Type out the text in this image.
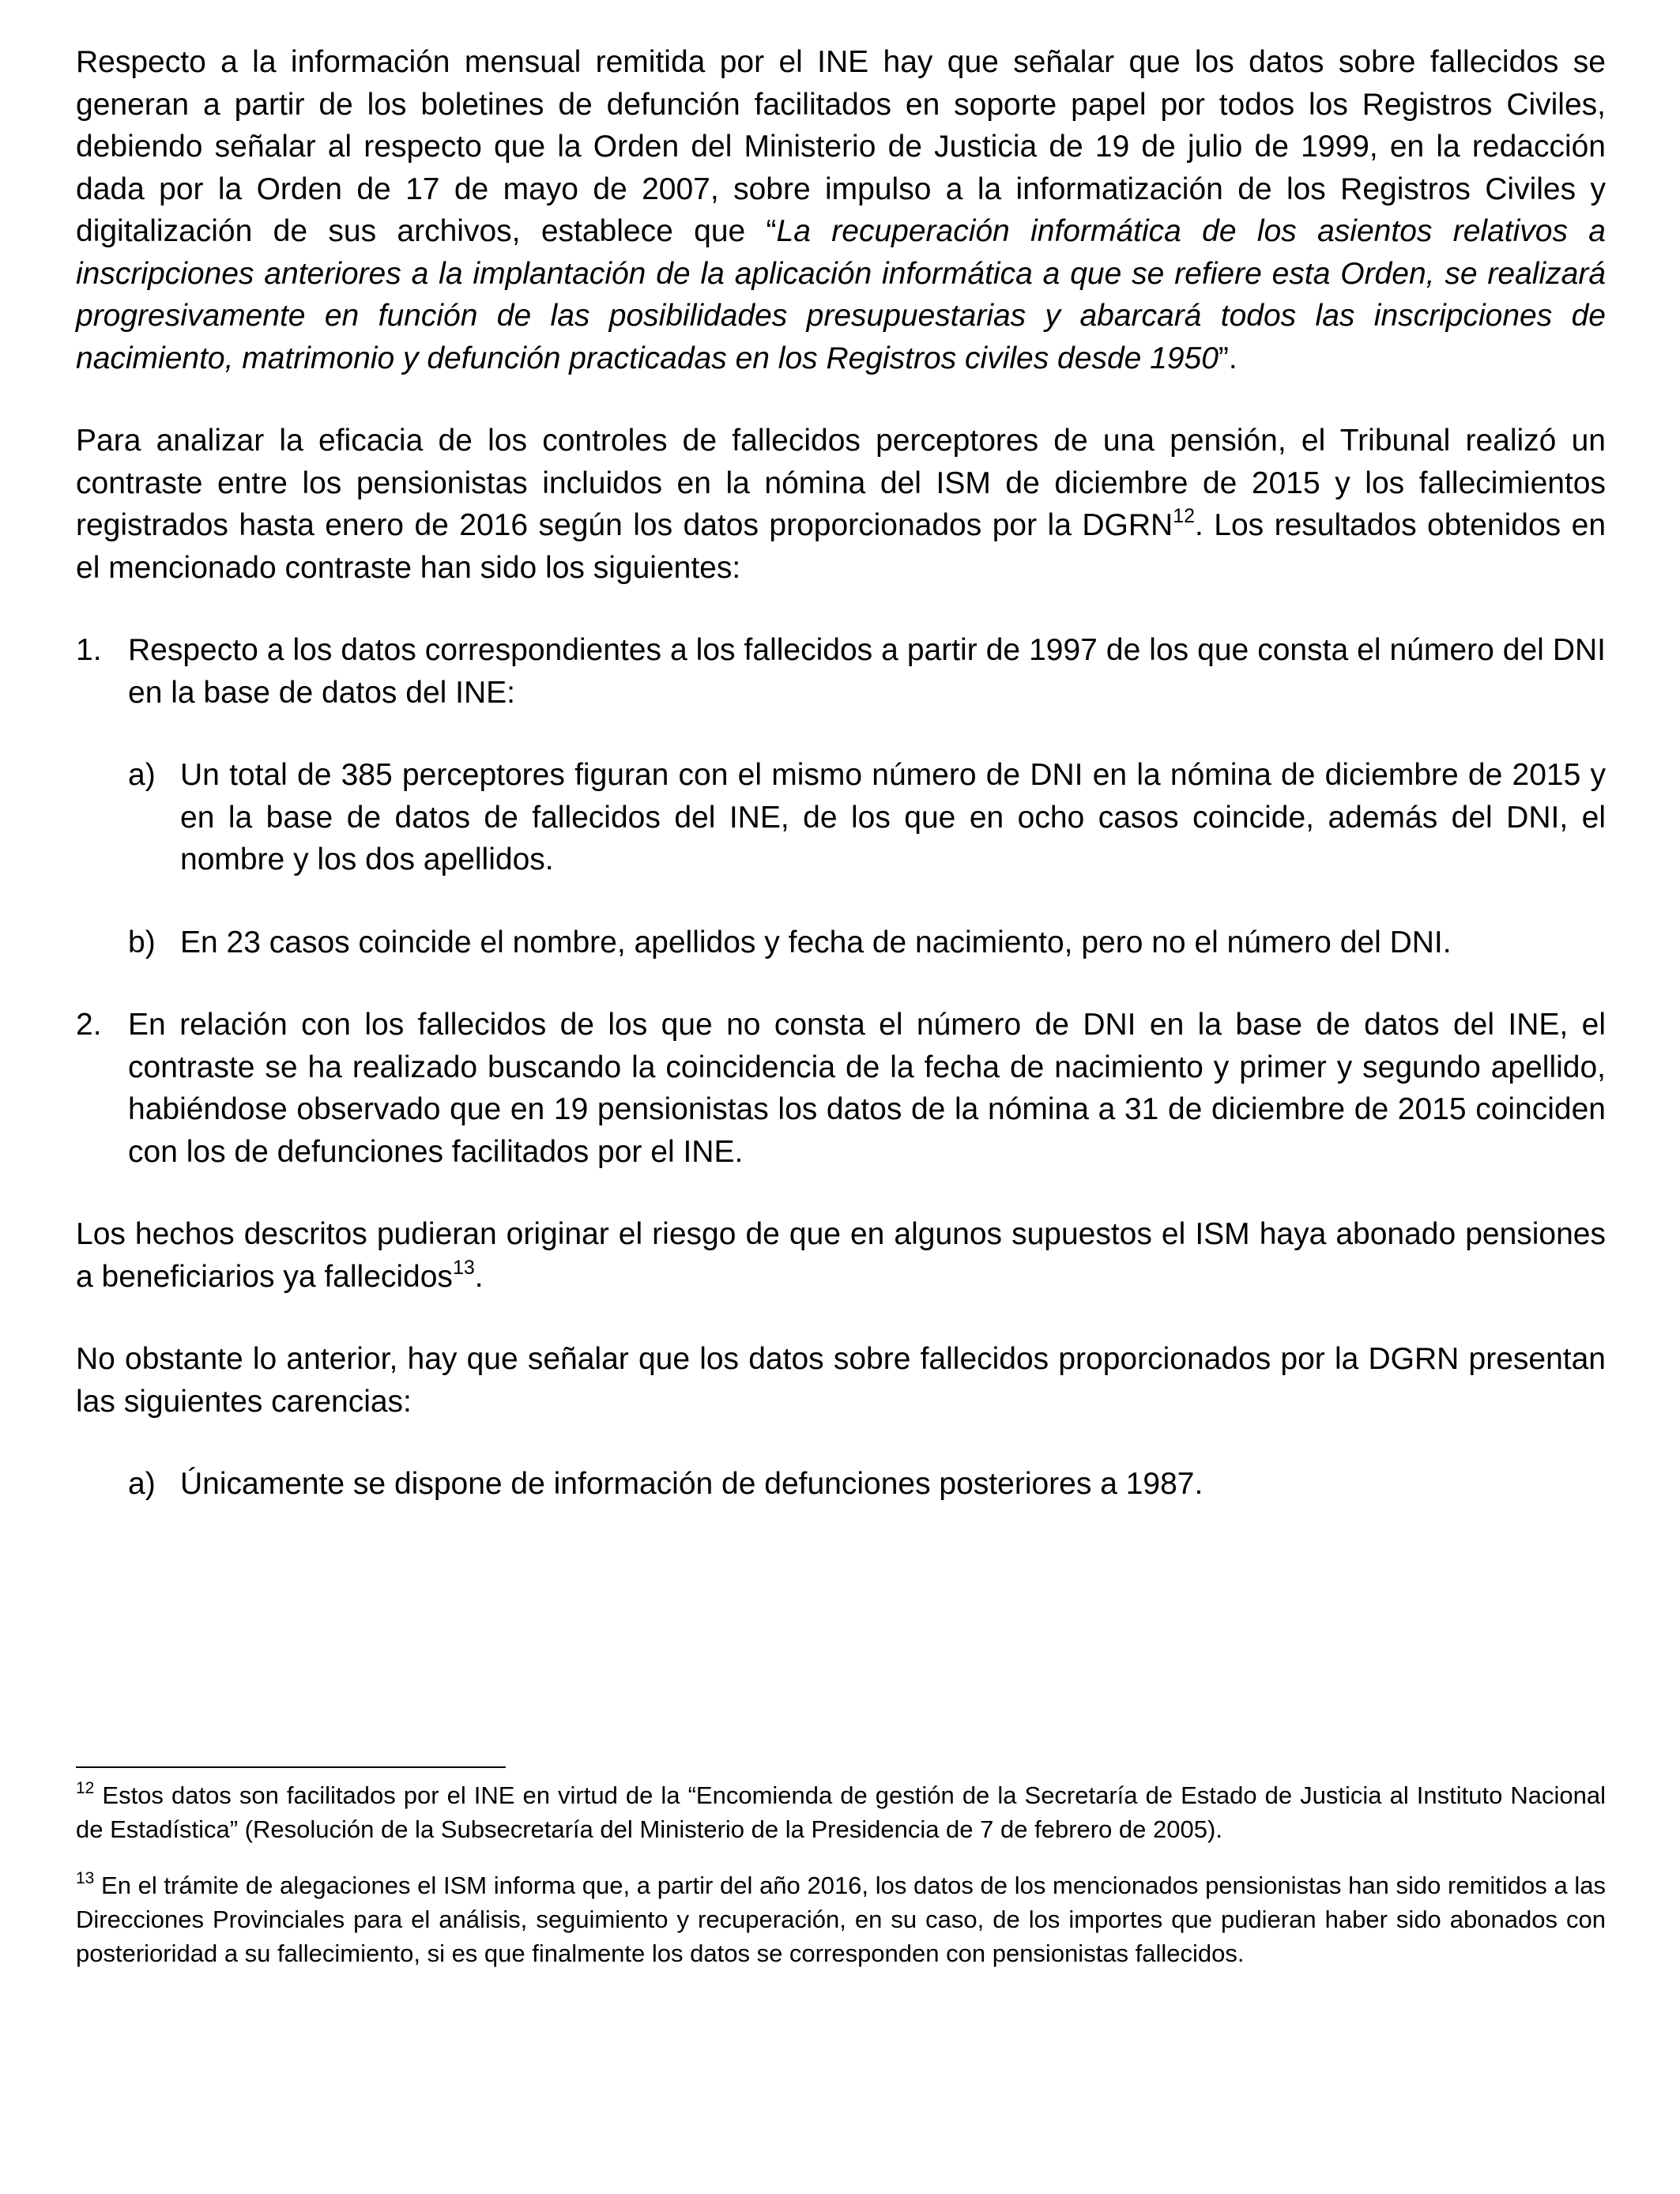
Respecto a la información mensual remitida por el INE hay que señalar que los datos sobre fallecidos se generan a partir de los boletines de defunción facilitados en soporte papel por todos los Registros Civiles, debiendo señalar al respecto que la Orden del Ministerio de Justicia de 19 de julio de 1999, en la redacción dada por la Orden de 17 de mayo de 2007, sobre impulso a la informatización de los Registros Civiles y digitalización de sus archivos, establece que “La recuperación informática de los asientos relativos a inscripciones anteriores a la implantación de la aplicación informática a que se refiere esta Orden, se realizará progresivamente en función de las posibilidades presupuestarias y abarcará todos las inscripciones de nacimiento, matrimonio y defunción practicadas en los Registros civiles desde 1950”.

Para analizar la eficacia de los controles de fallecidos perceptores de una pensión, el Tribunal realizó un contraste entre los pensionistas incluidos en la nómina del ISM de diciembre de 2015 y los fallecimientos registrados hasta enero de 2016 según los datos proporcionados por la DGRN$^{12}$. Los resultados obtenidos en el mencionado contraste han sido los siguientes:

1. Respecto a los datos correspondientes a los fallecidos a partir de 1997 de los que consta el número del DNI en la base de datos del INE:
a) Un total de 385 perceptores figuran con el mismo número de DNI en la nómina de diciembre de 2015 y en la base de datos de fallecidos del INE, de los que en ocho casos coincide, además del DNI, el nombre y los dos apellidos.
b) En 23 casos coincide el nombre, apellidos y fecha de nacimiento, pero no el número del DNI.
2. En relación con los fallecidos de los que no consta el número de DNI en la base de datos del INE, el contraste se ha realizado buscando la coincidencia de la fecha de nacimiento y primer y segundo apellido, habiéndose observado que en 19 pensionistas los datos de la nómina a 31 de diciembre de 2015 coinciden con los de defunciones facilitados por el INE.

Los hechos descritos pudieran originar el riesgo de que en algunos supuestos el ISM haya abonado pensiones a beneficiarios ya fallecidos$^{13}$.

No obstante lo anterior, hay que señalar que los datos sobre fallecidos proporcionados por la DGRN presentan las siguientes carencias:

a) Únicamente se dispone de información de defunciones posteriores a 1987.

$^{12}$ Estos datos son facilitados por el INE en virtud de la “Encomienda de gestión de la Secretaría de Estado de Justicia al Instituto Nacional de Estadística” (Resolución de la Subsecretaría del Ministerio de la Presidencia de 7 de febrero de 2005).

$^{13}$ En el trámite de alegaciones el ISM informa que, a partir del año 2016, los datos de los mencionados pensionistas han sido remitidos a las Direcciones Provinciales para el análisis, seguimiento y recuperación, en su caso, de los importes que pudieran haber sido abonados con posterioridad a su fallecimiento, si es que finalmente los datos se corresponden con pensionistas fallecidos.
